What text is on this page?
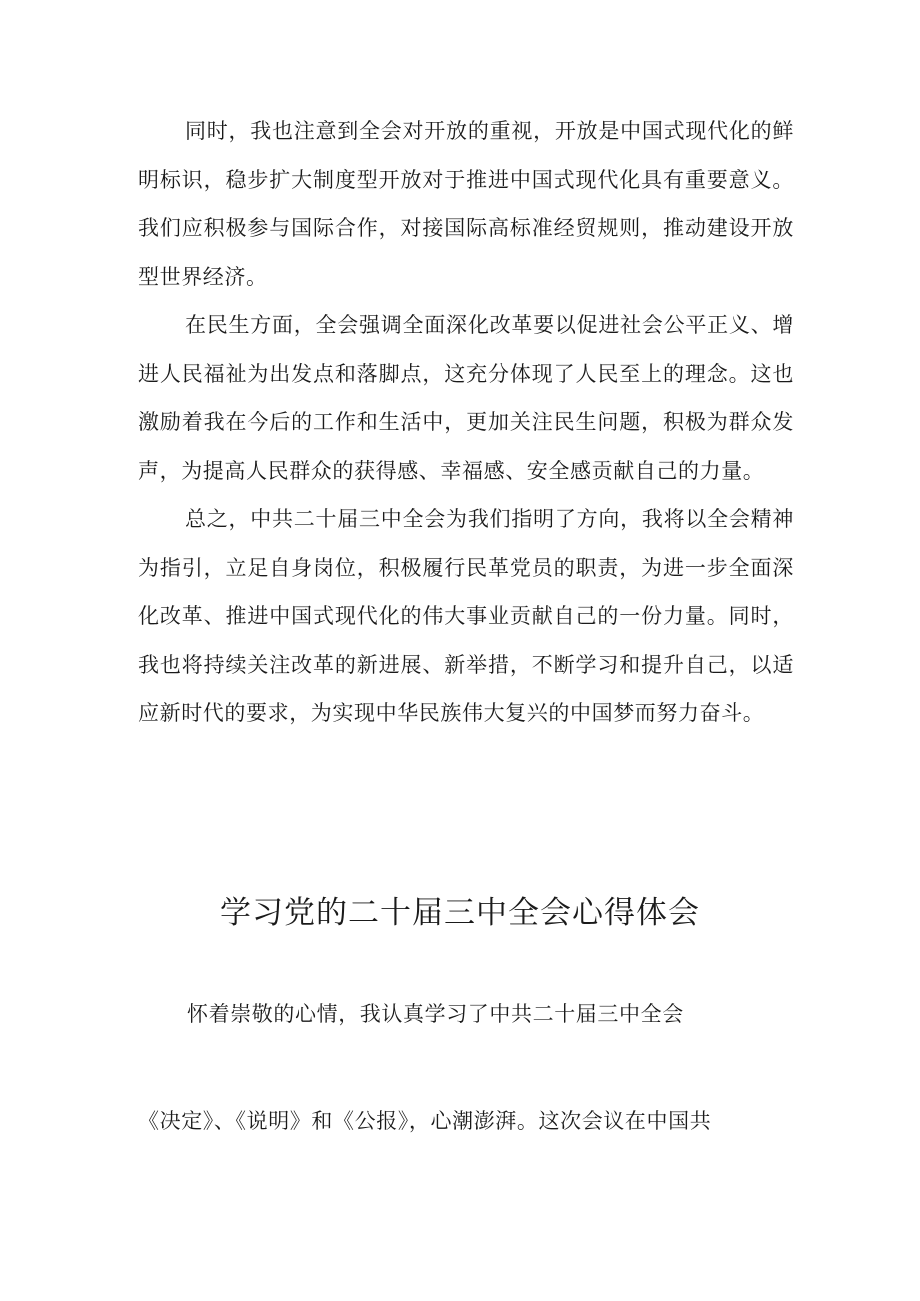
同时，我也注意到全会对开放的重视，开放是中国式现代化的鲜明标识，稳步扩大制度型开放对于推进中国式现代化具有重要意义。我们应积极参与国际合作，对接国际高标准经贸规则，推动建设开放型世界经济。

在民生方面，全会强调全面深化改革要以促进社会公平正义、增进人民福祉为出发点和落脚点，这充分体现了人民至上的理念。这也激励着我在今后的工作和生活中，更加关注民生问题，积极为群众发声，为提高人民群众的获得感、幸福感、安全感贡献自己的力量。

总之，中共二十届三中全会为我们指明了方向，我将以全会精神为指引，立足自身岗位，积极履行民革党员的职责，为进一步全面深化改革、推进中国式现代化的伟大事业贡献自己的一份力量。同时，我也将持续关注改革的新进展、新举措，不断学习和提升自己，以适应新时代的要求，为实现中华民族伟大复兴的中国梦而努力奋斗。

学习党的二十届三中全会心得体会
怀着崇敬的心情，我认真学习了中共二十届三中全会
《决定》、《说明》和《公报》，心潮澎湃。这次会议在中国共
